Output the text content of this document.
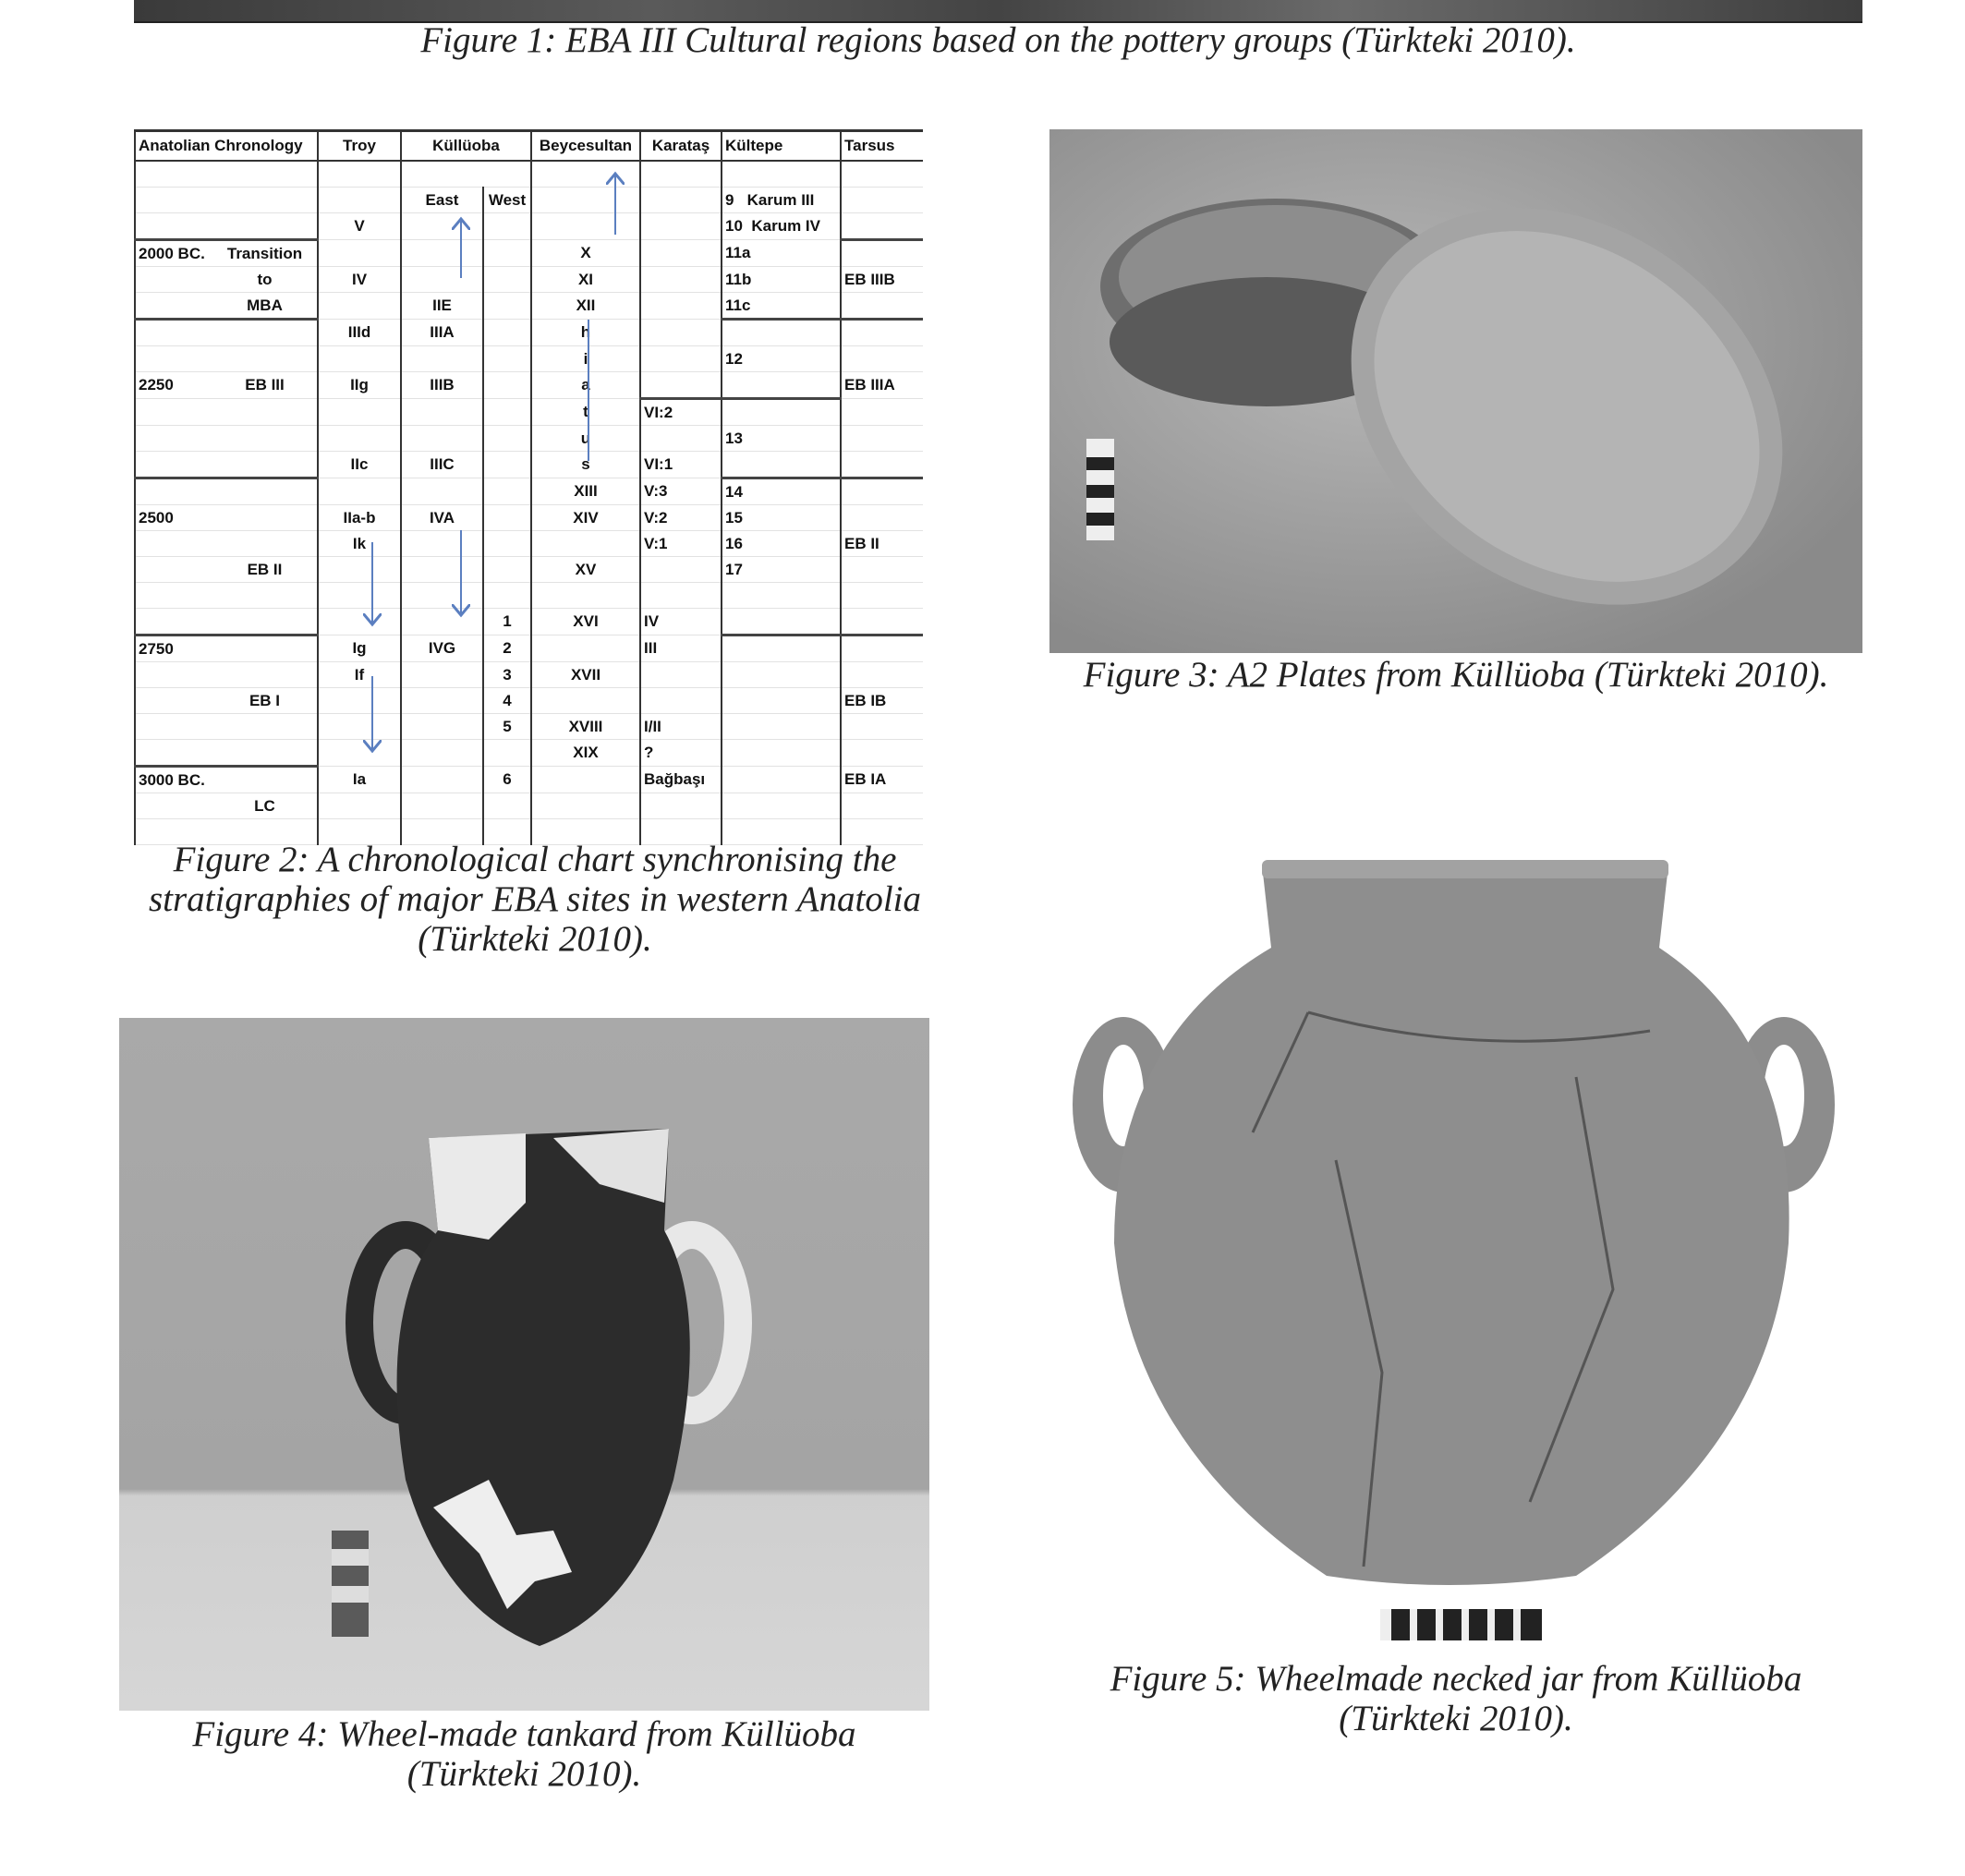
Figure 1: EBA III Cultural regions based on the pottery groups (Türkteki 2010).
Anatolian Chronology		Troy	Küllüoba		Beycesultan	Karataş	Kültepe	Tarsus

			East	West			9   Karum III	
		V					10  Karum IV	
2000 BC.	Transition				X		11a	
	to	IV			XI		11b	EB IIIB
	MBA		IIE		XII		11c	
		IIId	IIIA		h			
					i		12	
2250	EB III	IIg	IIIB		a			EB IIIA
					t	VI:2		
					u		13	
		IIc	IIIC		s	VI:1		
					XIII	V:3	14	
2500		IIa-b	IVA		XIV	V:2	15	
		Ik				V:1	16	EB II
	EB II				XV		17	

				1	XVI	IV		
2750		Ig	IVG	2		III		
		If		3	XVII			
	EB I			4				EB IB
				5	XVIII	I/II		
					XIX	?		
3000 BC.		Ia		6		Bağbaşı		EB IA
	LC							

Figure 2: A chronological chart synchronising the
stratigraphies of major EBA sites in western Anatolia
(Türkteki 2010).
Figure 3: A2 Plates from Küllüoba (Türkteki 2010).
Figure 4: Wheel-made tankard from Küllüoba
(Türkteki 2010).
Figure 5: Wheelmade necked jar from Küllüoba
(Türkteki 2010).
